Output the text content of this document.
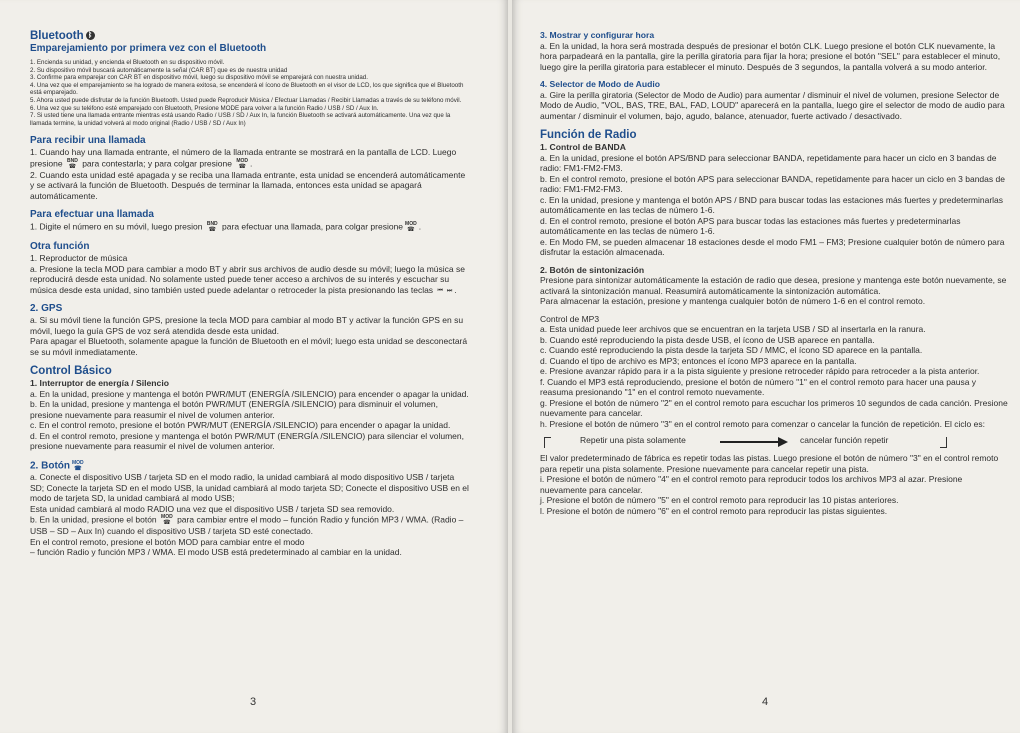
Bluetooth ᛒ
Emparejamiento por primera vez con el Bluetooth

1. Encienda su unidad, y encienda el Bluetooth en su dispositivo móvil.

2. Su dispositivo móvil buscará automáticamente la señal (CAR BT) que es de nuestra unidad

3. Confirme para emparejar con CAR BT en dispositivo móvil, luego su dispositivo móvil se emparejará con nuestra unidad.

4. Una vez que el emparejamiento se ha logrado de manera exitosa, se encenderá el ícono de Bluetooth en el visor de LCD, los que significa que el Bluetooth está emparejado.

5. Ahora usted puede disfrutar de la función Bluetooth. Usted puede Reproducir Música / Efectuar Llamadas / Recibir Llamadas a través de su teléfono móvil.

6. Una vez que su teléfono esté emparejado con Bluetooth, Presione MODE para volver a la función Radio / USB / SD / Aux In.

7. Si usted tiene una llamada entrante mientras está usando Radio / USB / SD / Aux In, la función Bluetooth se activará automáticamente. Una vez que la llamada termine, la unidad volverá al modo original (Radio / USB / SD / Aux In)

Para recibir una llamada

1. Cuando hay una llamada entrante, el número de la llamada entrante se mostrará en la pantalla de LCD. Luego presione BND
☎ para contestarla; y para colgar presione MOD
☎ .

2. Cuando esta unidad esté apagada y se reciba una llamada entrante, esta unidad se encenderá automáticamente y se activará la función de Bluetooth. Después de terminar la llamada, entonces esta unidad se apagará automáticamente.

Para efectuar una llamada

1. Digite el número en su móvil, luego presion BND
☎ para efectuar una llamada, para colgar presione MOD
☎ .

Otra función

1. Reproductor de música

a. Presione la tecla MOD para cambiar a modo BT y abrir sus archivos de audio desde su móvil; luego la música se reproducirá desde esta unidad. No solamente usted puede tener acceso a archivos de su interés y escuchar su música desde esta unidad, sino también usted puede adelantar o retroceder la pista presionando las teclas ⏮ ⏭ .

2. GPS

a. Si su móvil tiene la función GPS, presione la tecla MOD para cambiar al modo BT y activar la función GPS en su móvil, luego la guía GPS de voz será atendida desde esta unidad.

Para apagar el Bluetooth, solamente apague la función de Bluetooth en el móvil; luego esta unidad se desconectará se su móvil inmediatamente.

Control Básico
1. Interruptor de energía / Silencio

a. En la unidad, presione y mantenga el botón PWR/MUT (ENERGÍA /SILENCIO) para encender o apagar la unidad.

b. En la unidad, presione y mantenga el botón PWR/MUT (ENERGÍA /SILENCIO) para disminuir el volumen, presione nuevamente para reasumir el nivel de volumen anterior.

c. En el control remoto, presione el botón PWR/MUT (ENERGÍA /SILENCIO) para encender o apagar la unidad.

d. En el control remoto, presione y mantenga el botón PWR/MUT (ENERGÍA /SILENCIO) para silenciar el volumen, presione nuevamente para reasumir el nivel de volumen anterior.

2. Botón MOD
☎

a. Conecte el dispositivo USB / tarjeta SD en el modo radio, la unidad cambiará al modo dispositivo USB / tarjeta SD; Conecte la tarjeta SD en el modo USB, la unidad cambiará al modo tarjeta SD; Conecte el dispositivo USB en el modo de tarjeta SD, la unidad cambiará al modo USB;

Esta unidad cambiará al modo RADIO una vez que el dispositivo USB / tarjeta SD sea removido.

b. En la unidad, presione el botón MOD
☎ para cambiar entre el modo – función Radio y función MP3 / WMA. (Radio – USB – SD – Aux In) cuando el dispositivo USB / tarjeta SD esté conectado.

En el control remoto, presione el botón MOD para cambiar entre el modo

– función Radio y función MP3 / WMA. El modo USB está predeterminado al cambiar en la unidad.

3
3. Mostrar y configurar hora

a. En la unidad, la hora será mostrada después de presionar el botón CLK. Luego presione el botón CLK nuevamente, la hora parpadeará en la pantalla, gire la perilla giratoria para fijar la hora; presione el botón "SEL" para establecer el minuto, luego gire la perilla giratoria para establecer el minuto. Después de 3 segundos, la pantalla volverá a su modo anterior.

4. Selector de Modo de Audio

a. Gire la perilla giratoria (Selector de Modo de Audio) para aumentar / disminuir el nivel de volumen, presione Selector de Modo de Audio, "VOL, BAS, TRE, BAL, FAD, LOUD" aparecerá en la pantalla, luego gire el selector de modo de audio para aumentar / disminuir el volumen, bajo, agudo, balance, atenuador, fuerte activado / desactivado.

Función de Radio
1. Control de BANDA

a. En la unidad, presione el botón APS/BND para seleccionar BANDA, repetidamente para hacer un ciclo en 3 bandas de radio: FM1-FM2-FM3.

b. En el control remoto, presione el botón APS para seleccionar BANDA, repetidamente para hacer un ciclo en 3 bandas de radio: FM1-FM2-FM3.

c. En la unidad, presione y mantenga el botón APS / BND para buscar todas las estaciones más fuertes y predeterminarlas automáticamente en las teclas de número 1-6.

d. En el control remoto, presione el botón APS para buscar todas las estaciones más fuertes y predeterminarlas automáticamente en las teclas de número 1-6.

e. En Modo FM, se pueden almacenar 18 estaciones desde el modo FM1 – FM3; Presione cualquier botón de número para disfrutar la estación almacenada.

2. Botón de sintonización

Presione para sintonizar automáticamente la estación de radio que desea, presione y mantenga este botón nuevamente, se activará la sintonización manual. Reasumirá automáticamente la sintonización automática.

Para almacenar la estación, presione y mantenga cualquier botón de número 1-6 en el control remoto.

Control de MP3

a. Esta unidad puede leer archivos que se encuentran en la tarjeta USB / SD al insertarla en la ranura.

b. Cuando esté reproduciendo la pista desde USB, el ícono de USB aparece en pantalla.

c. Cuando esté reproduciendo la pista desde la tarjeta SD / MMC, el ícono SD aparece en la pantalla.

d. Cuando el tipo de archivo es MP3; entonces el ícono MP3 aparece en la pantalla.

e. Presione avanzar rápido para ir a la pista siguiente y presione retroceder rápido para retroceder a la pista anterior.

f. Cuando el MP3 está reproduciendo, presione el botón de número "1" en el control remoto para hacer una pausa y reasuma presionando "1" en el control remoto nuevamente.

g. Presione el botón de número "2" en el control remoto para escuchar los primeros 10 segundos de cada canción. Presione nuevamente para cancelar.

h. Presione el botón de número "3" en el control remoto para comenzar o cancelar la función de repetición. El ciclo es:

Repetir una pista solamente	cancelar función repetir

El valor predeterminado de fábrica es repetir todas las pistas. Luego presione el botón de número "3" en el control remoto para repetir una pista solamente. Presione nuevamente para cancelar repetir una pista.

i. Presione el botón de número "4" en el control remoto para reproducir todos los archivos MP3 al azar. Presione nuevamente para cancelar.

j. Presione el botón de número "5" en el control remoto para reproducir las 10 pistas anteriores.

l. Presione el botón de número "6" en el control remoto para reproducir las pistas siguientes.

4
